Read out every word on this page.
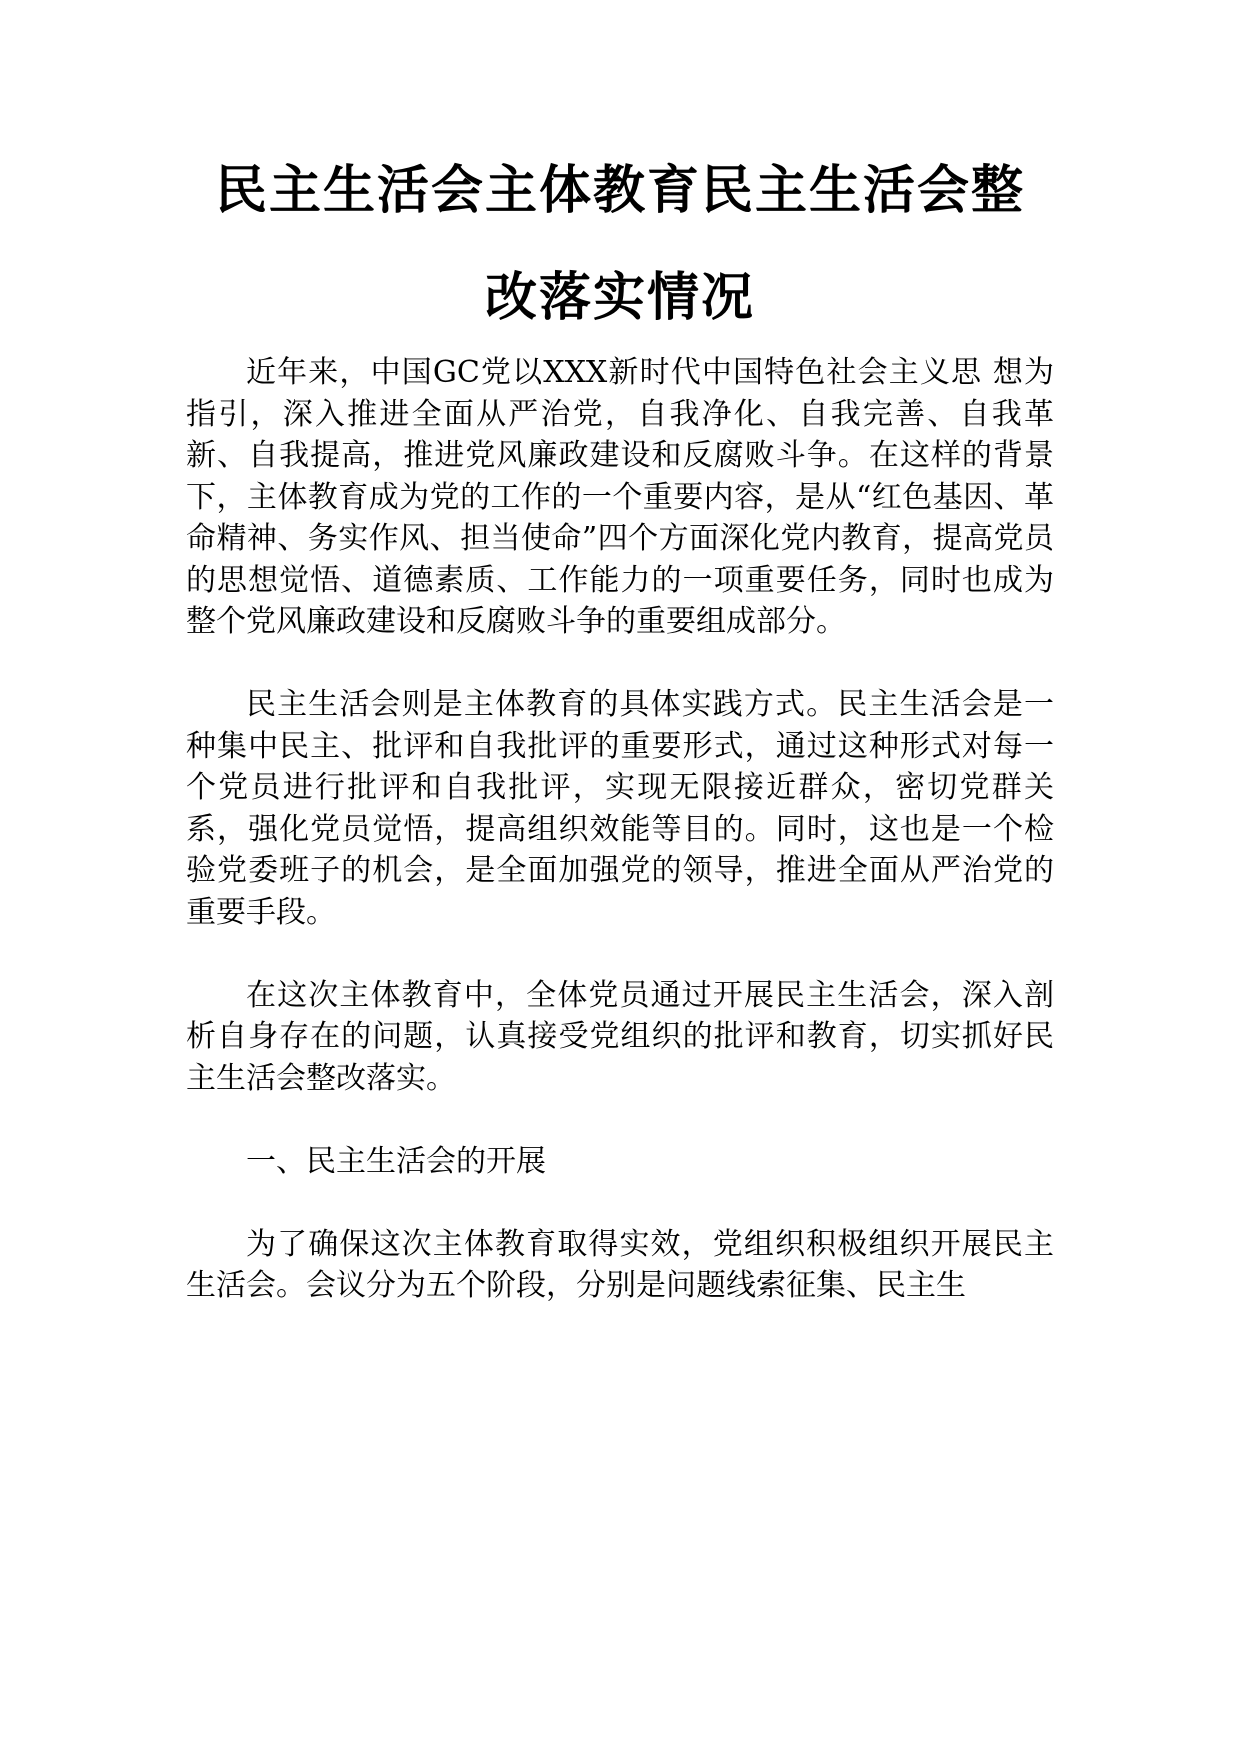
民主生活会主体教育民主生活会整
改落实情况

近年来，中国GC党以XXX新时代中国特色社会主义思 想为指引，深入推进全面从严治党，自我净化、自我完善、自我革新、自我提高，推进党风廉政建设和反腐败斗争。在这样的背景下，主体教育成为党的工作的一个重要内容，是从“红色基因、革命精神、务实作风、担当使命”四个方面深化党内教育，提高党员的思想觉悟、道德素质、工作能力的一项重要任务，同时也成为整个党风廉政建设和反腐败斗争的重要组成部分。

民主生活会则是主体教育的具体实践方式。民主生活会是一种集中民主、批评和自我批评的重要形式，通过这种形式对每一个党员进行批评和自我批评，实现无限接近群众，密切党群关系，强化党员觉悟，提高组织效能等目的。同时，这也是一个检验党委班子的机会，是全面加强党的领导，推进全面从严治党的重要手段。

在这次主体教育中，全体党员通过开展民主生活会，深入剖析自身存在的问题，认真接受党组织的批评和教育，切实抓好民主生活会整改落实。

一、民主生活会的开展

为了确保这次主体教育取得实效，党组织积极组织开展民主生活会。会议分为五个阶段，分别是问题线索征集、民主生
